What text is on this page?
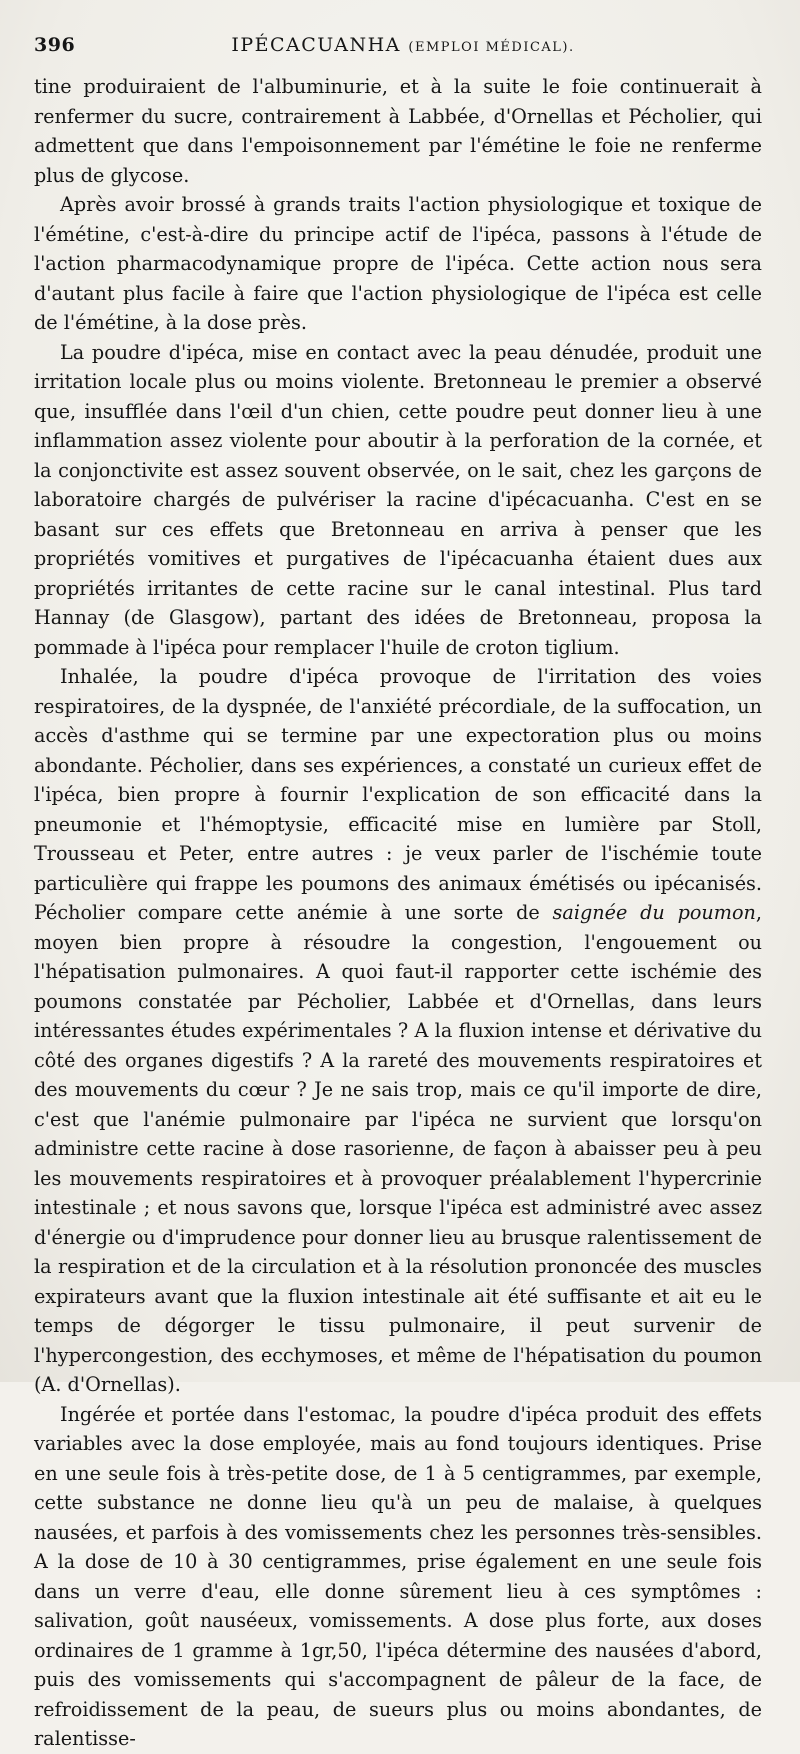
396	IPÉCACUANHA (EMPLOI MÉDICAL).

tine produiraient de l'albuminurie, et à la suite le foie continuerait à renfermer du sucre, contrairement à Labbée, d'Ornellas et Pécholier, qui admettent que dans l'empoisonnement par l'émétine le foie ne renferme plus de glycose.

Après avoir brossé à grands traits l'action physiologique et toxique de l'émétine, c'est-à-dire du principe actif de l'ipéca, passons à l'étude de l'action pharmacodynamique propre de l'ipéca. Cette action nous sera d'autant plus facile à faire que l'action physiologique de l'ipéca est celle de l'émétine, à la dose près.

La poudre d'ipéca, mise en contact avec la peau dénudée, produit une irritation locale plus ou moins violente. Bretonneau le premier a observé que, insufflée dans l'œil d'un chien, cette poudre peut donner lieu à une inflammation assez violente pour aboutir à la perforation de la cornée, et la conjonctivite est assez souvent observée, on le sait, chez les garçons de laboratoire chargés de pulvériser la racine d'ipécacuanha. C'est en se basant sur ces effets que Bretonneau en arriva à penser que les propriétés vomitives et purgatives de l'ipécacuanha étaient dues aux propriétés irritantes de cette racine sur le canal intestinal. Plus tard Hannay (de Glasgow), partant des idées de Bretonneau, proposa la pommade à l'ipéca pour remplacer l'huile de croton tiglium.

Inhalée, la poudre d'ipéca provoque de l'irritation des voies respiratoires, de la dyspnée, de l'anxiété précordiale, de la suffocation, un accès d'asthme qui se termine par une expectoration plus ou moins abondante. Pécholier, dans ses expériences, a constaté un curieux effet de l'ipéca, bien propre à fournir l'explication de son efficacité dans la pneumonie et l'hémoptysie, efficacité mise en lumière par Stoll, Trousseau et Peter, entre autres : je veux parler de l'ischémie toute particulière qui frappe les poumons des animaux émétisés ou ipécanisés. Pécholier compare cette anémie à une sorte de saignée du poumon, moyen bien propre à résoudre la congestion, l'engouement ou l'hépatisation pulmonaires. A quoi faut-il rapporter cette ischémie des poumons constatée par Pécholier, Labbée et d'Ornellas, dans leurs intéressantes études expérimentales ? A la fluxion intense et dérivative du côté des organes digestifs ? A la rareté des mouvements respiratoires et des mouvements du cœur ? Je ne sais trop, mais ce qu'il importe de dire, c'est que l'anémie pulmonaire par l'ipéca ne survient que lorsqu'on administre cette racine à dose rasorienne, de façon à abaisser peu à peu les mouvements respiratoires et à provoquer préalablement l'hypercrinie intestinale ; et nous savons que, lorsque l'ipéca est administré avec assez d'énergie ou d'imprudence pour donner lieu au brusque ralentissement de la respiration et de la circulation et à la résolution prononcée des muscles expirateurs avant que la fluxion intestinale ait été suffisante et ait eu le temps de dégorger le tissu pulmonaire, il peut survenir de l'hypercongestion, des ecchymoses, et même de l'hépatisation du poumon (A. d'Ornellas).

Ingérée et portée dans l'estomac, la poudre d'ipéca produit des effets variables avec la dose employée, mais au fond toujours identiques. Prise en une seule fois à très-petite dose, de 1 à 5 centigrammes, par exemple, cette substance ne donne lieu qu'à un peu de malaise, à quelques nausées, et parfois à des vomissements chez les personnes très-sensibles. A la dose de 10 à 30 centigrammes, prise également en une seule fois dans un verre d'eau, elle donne sûrement lieu à ces symptômes : salivation, goût nauséeux, vomissements. A dose plus forte, aux doses ordinaires de 1 gramme à 1gr,50, l'ipéca détermine des nausées d'abord, puis des vomissements qui s'accompagnent de pâleur de la face, de refroidissement de la peau, de sueurs plus ou moins abondantes, de ralentisse-
